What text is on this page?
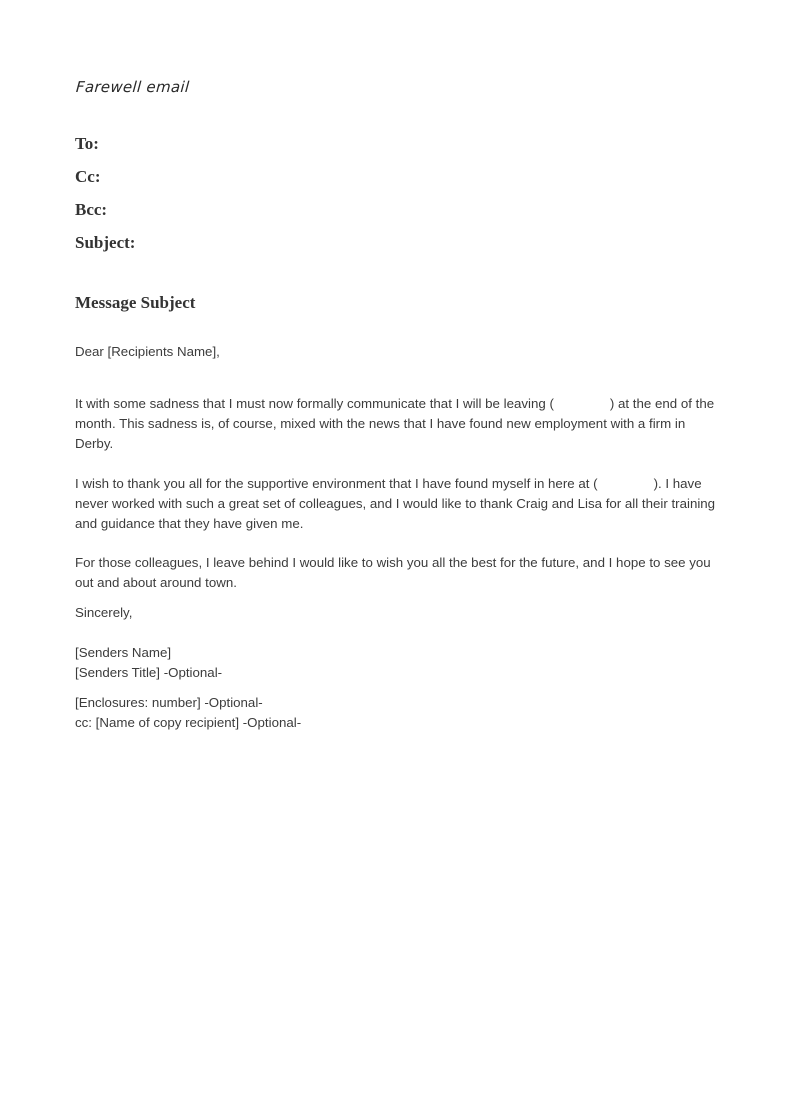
Farewell email
To:
Cc:
Bcc:
Subject:
Message Subject
Dear [Recipients Name],

It with some sadness that I must now formally communicate that I will be leaving (	) at the end of the month. This sadness is, of course, mixed with the news that I have found new employment with a firm in Derby.

I wish to thank you all for the supportive environment that I have found myself in here at (	). I have never worked with such a great set of colleagues, and I would like to thank Craig and Lisa for all their training and guidance that they have given me.

For those colleagues, I leave behind I would like to wish you all the best for the future, and I hope to see you out and about around town.

Sincerely,
[Senders Name]
[Senders Title] -Optional-
[Enclosures: number] -Optional-
cc: [Name of copy recipient] -Optional-
